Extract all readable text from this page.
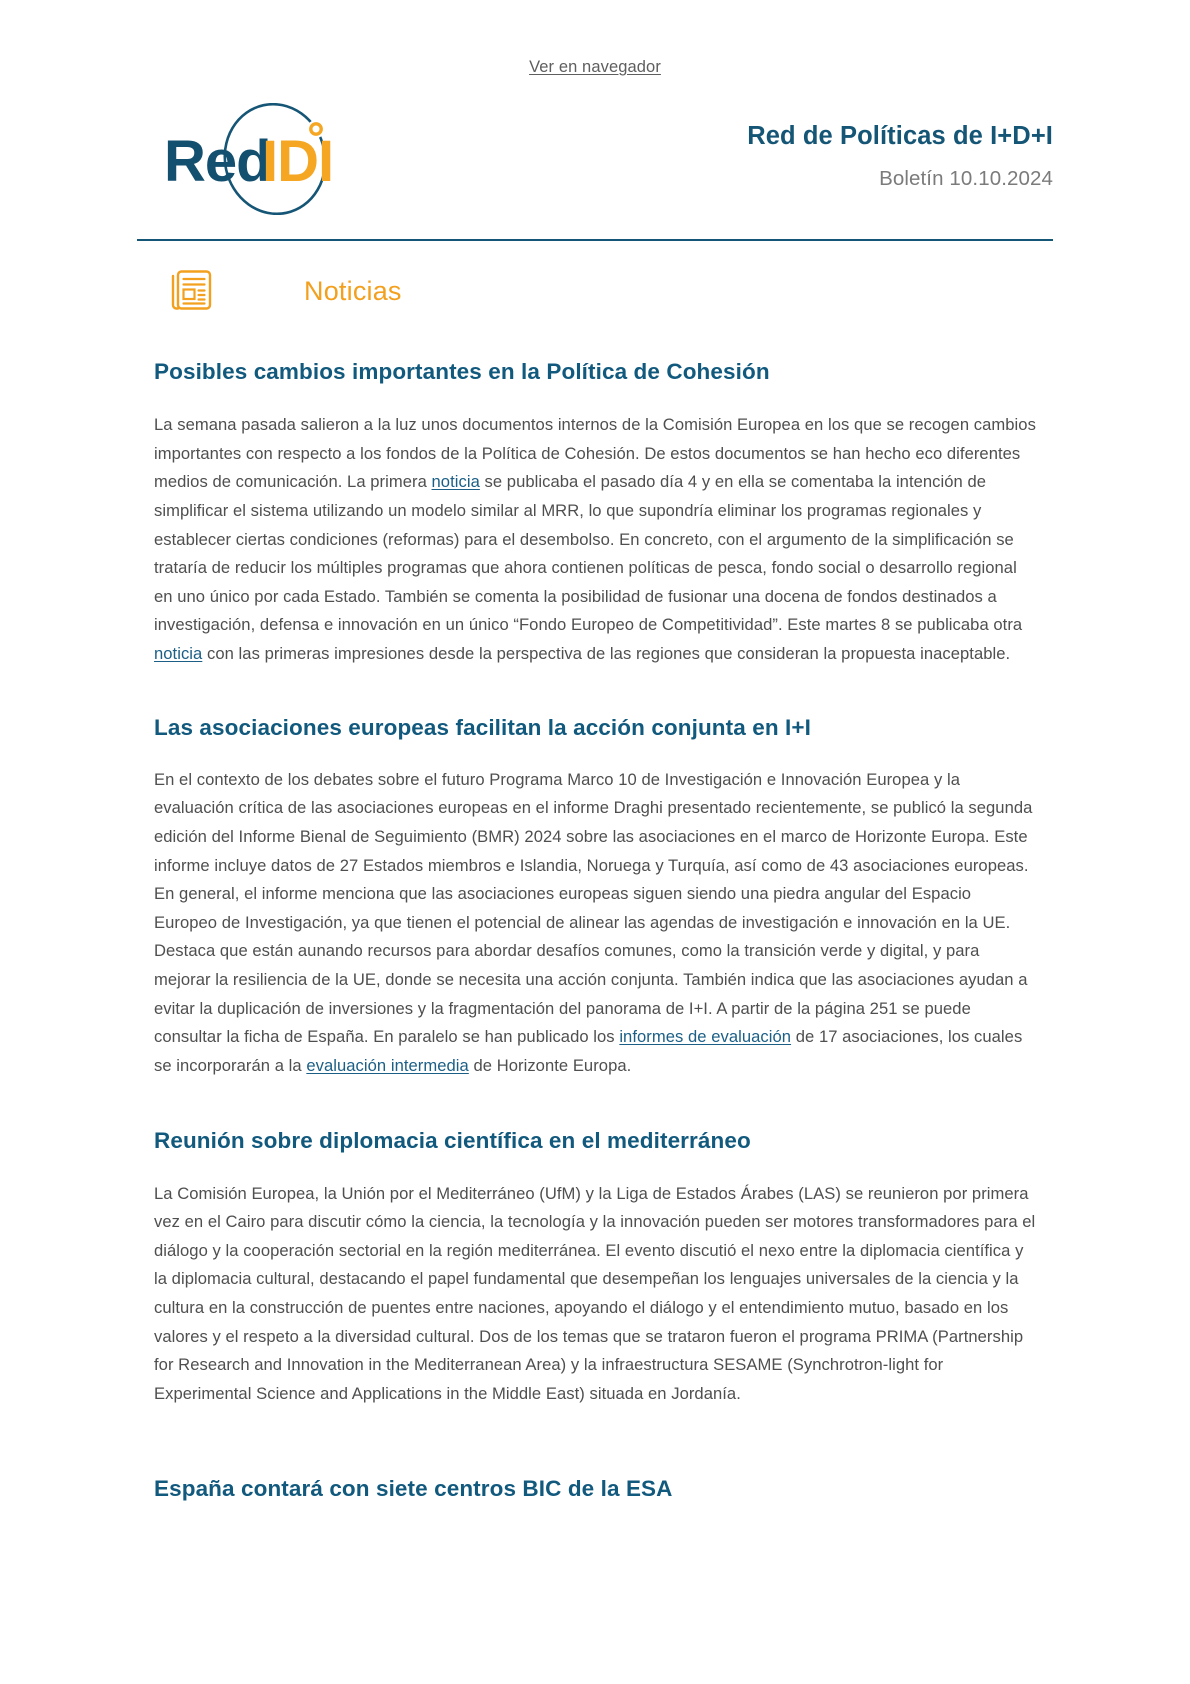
Ver en navegador
Red
IDI	Red de Políticas de I+D+I
Boletín 10.10.2024
Noticias
Posibles cambios importantes en la Política de Cohesión

La semana pasada salieron a la luz unos documentos internos de la Comisión Europea en los que se recogen cambios importantes con respecto a los fondos de la Política de Cohesión. De estos documentos se han hecho eco diferentes medios de comunicación. La primera noticia se publicaba el pasado día 4 y en ella se comentaba la intención de simplificar el sistema utilizando un modelo similar al MRR, lo que supondría eliminar los programas regionales y establecer ciertas condiciones (reformas) para el desembolso. En concreto, con el argumento de la simplificación se trataría de reducir los múltiples programas que ahora contienen políticas de pesca, fondo social o desarrollo regional en uno único por cada Estado. También se comenta la posibilidad de fusionar una docena de fondos destinados a investigación, defensa e innovación en un único “Fondo Europeo de Competitividad”. Este martes 8 se publicaba otra noticia con las primeras impresiones desde la perspectiva de las regiones que consideran la propuesta inaceptable.

Las asociaciones europeas facilitan la acción conjunta en I+I

En el contexto de los debates sobre el futuro Programa Marco 10 de Investigación e Innovación Europea y la evaluación crítica de las asociaciones europeas en el informe Draghi presentado recientemente, se publicó la segunda edición del Informe Bienal de Seguimiento (BMR) 2024 sobre las asociaciones en el marco de Horizonte Europa. Este informe incluye datos de 27 Estados miembros e Islandia, Noruega y Turquía, así como de 43 asociaciones europeas. En general, el informe menciona que las asociaciones europeas siguen siendo una piedra angular del Espacio Europeo de Investigación, ya que tienen el potencial de alinear las agendas de investigación e innovación en la UE. Destaca que están aunando recursos para abordar desafíos comunes, como la transición verde y digital, y para mejorar la resiliencia de la UE, donde se necesita una acción conjunta. También indica que las asociaciones ayudan a evitar la duplicación de inversiones y la fragmentación del panorama de I+I. A partir de la página 251 se puede consultar la ficha de España. En paralelo se han publicado los informes de evaluación de 17 asociaciones, los cuales se incorporarán a la evaluación intermedia de Horizonte Europa.

Reunión sobre diplomacia científica en el mediterráneo

La Comisión Europea, la Unión por el Mediterráneo (UfM) y la Liga de Estados Árabes (LAS) se reunieron por primera vez en el Cairo para discutir cómo la ciencia, la tecnología y la innovación pueden ser motores transformadores para el diálogo y la cooperación sectorial en la región mediterránea. El evento discutió el nexo entre la diplomacia científica y la diplomacia cultural, destacando el papel fundamental que desempeñan los lenguajes universales de la ciencia y la cultura en la construcción de puentes entre naciones, apoyando el diálogo y el entendimiento mutuo, basado en los valores y el respeto a la diversidad cultural. Dos de los temas que se trataron fueron el programa PRIMA (Partnership for Research and Innovation in the Mediterranean Area) y la infraestructura SESAME (Synchrotron-light for Experimental Science and Applications in the Middle East) situada en Jordanía.

España contará con siete centros BIC de la ESA
